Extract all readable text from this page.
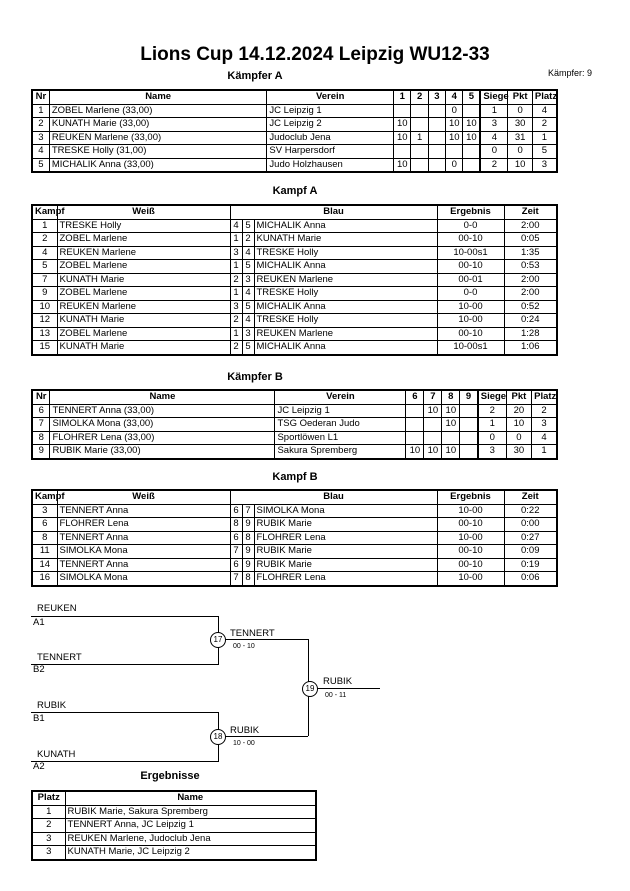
Lions Cup 14.12.2024 Leipzig WU12-33
Kämpfer: 9
Kämpfer A
Nr	Name	Verein	1	2	3	4	5	Siege	Pkt	Platz
1	ZOBEL Marlene (33,00)	JC Leipzig 1				0		1	0	4
2	KUNATH Marie (33,00)	JC Leipzig 2	10			10	10	3	30	2
3	REUKEN Marlene (33,00)	Judoclub Jena	10	1		10	10	4	31	1
4	TRESKE Holly (31,00)	SV Harpersdorf						0	0	5
5	MICHALIK Anna (33,00)	Judo Holzhausen	10			0		2	10	3
Kampf A
Kampf	Weiß	Blau			Ergebnis	Zeit
1	TRESKE Holly	4	5	MICHALIK Anna	0-0	2:00
2	ZOBEL Marlene	1	2	KUNATH Marie	00-10	0:05
4	REUKEN Marlene	3	4	TRESKE Holly	10-00s1	1:35
5	ZOBEL Marlene	1	5	MICHALIK Anna	00-10	0:53
7	KUNATH Marie	2	3	REUKEN Marlene	00-01	2:00
9	ZOBEL Marlene	1	4	TRESKE Holly	0-0	2:00
10	REUKEN Marlene	3	5	MICHALIK Anna	10-00	0:52
12	KUNATH Marie	2	4	TRESKE Holly	10-00	0:24
13	ZOBEL Marlene	1	3	REUKEN Marlene	00-10	1:28
15	KUNATH Marie	2	5	MICHALIK Anna	10-00s1	1:06
Kämpfer B
Nr	Name	Verein	6	7	8	9	Siege	Pkt	Platz
6	TENNERT Anna (33,00)	JC Leipzig 1		10	10		2	20	2
7	SIMOLKA Mona (33,00)	TSG Oederan Judo			10		1	10	3
8	FLOHRER Lena (33,00)	Sportlöwen L1					0	0	4
9	RUBIK Marie (33,00)	Sakura Spremberg	10	10	10		3	30	1
Kampf B
Kampf	Weiß	Blau			Ergebnis	Zeit
3	TENNERT Anna	6	7	SIMOLKA Mona	10-00	0:22
6	FLOHRER Lena	8	9	RUBIK Marie	00-10	0:00
8	TENNERT Anna	6	8	FLOHRER Lena	10-00	0:27
11	SIMOLKA Mona	7	9	RUBIK Marie	00-10	0:09
14	TENNERT Anna	6	9	RUBIK Marie	00-10	0:19
16	SIMOLKA Mona	7	8	FLOHRER Lena	10-00	0:06
REUKEN
A1
TENNERT
B2
17
TENNERT
00 - 10
RUBIK
B1
KUNATH
A2
18
RUBIK
10 - 00
19
RUBIK
00 - 11
Ergebnisse
Platz	Name
1	RUBIK Marie, Sakura Spremberg
2	TENNERT Anna, JC Leipzig 1
3	REUKEN Marlene, Judoclub Jena
3	KUNATH Marie, JC Leipzig 2
